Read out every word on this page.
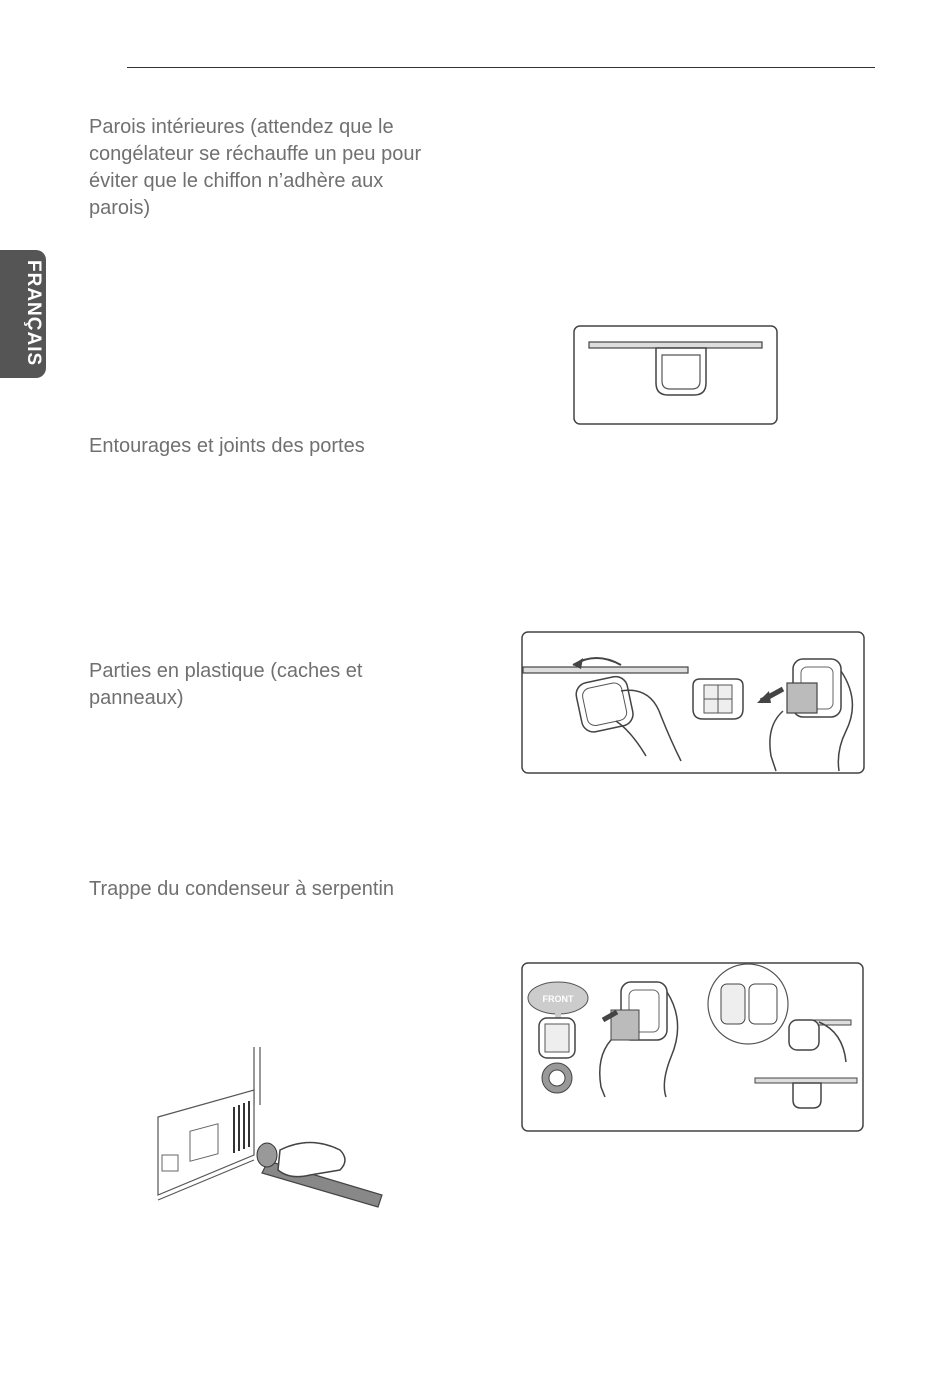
FRANÇAIS
Parois intérieures (attendez que le congélateur se réchauffe un peu pour éviter que le chiffon n’adhère aux parois)
Entourages et joints des portes
Parties en plastique (caches et panneaux)
Trappe du condenseur à serpentin
FRONT
